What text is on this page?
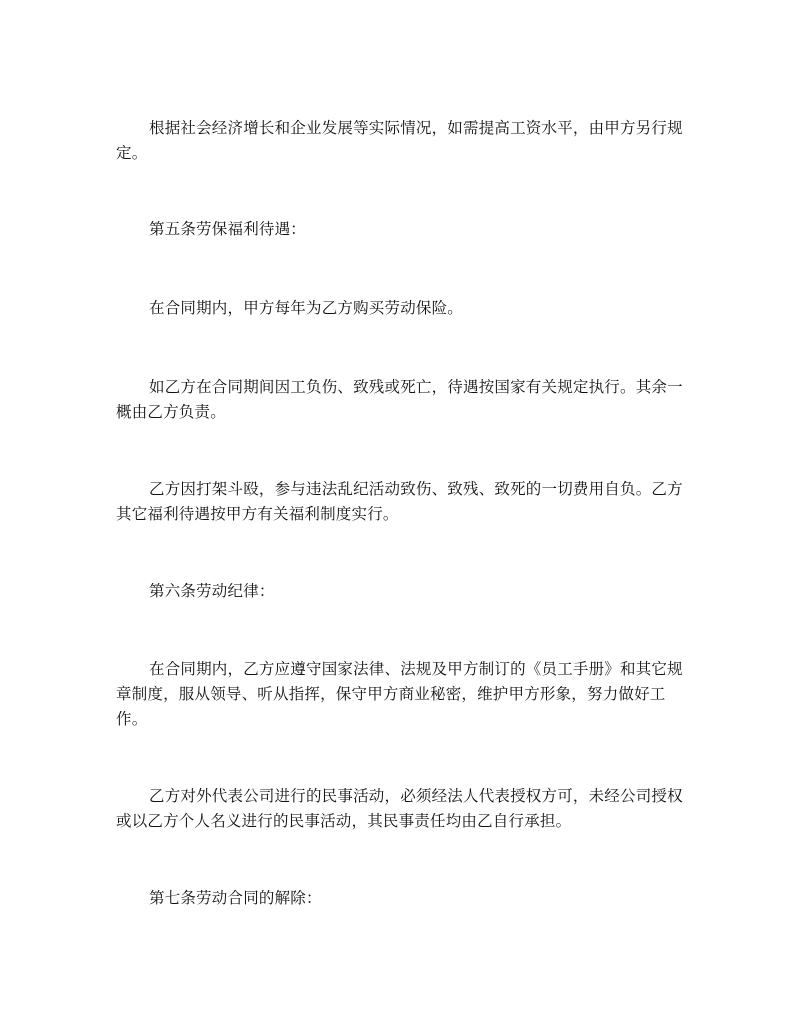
根据社会经济增长和企业发展等实际情况，如需提高工资水平，由甲方另行规定。

第五条劳保福利待遇：

在合同期内，甲方每年为乙方购买劳动保险。

如乙方在合同期间因工负伤、致残或死亡，待遇按国家有关规定执行。其余一概由乙方负责。

乙方因打架斗殴，参与违法乱纪活动致伤、致残、致死的一切费用自负。乙方其它福利待遇按甲方有关福利制度实行。

第六条劳动纪律：

在合同期内，乙方应遵守国家法律、法规及甲方制订的《员工手册》和其它规章制度，服从领导、听从指挥，保守甲方商业秘密，维护甲方形象，努力做好工作。

乙方对外代表公司进行的民事活动，必须经法人代表授权方可，未经公司授权或以乙方个人名义进行的民事活动，其民事责任均由乙自行承担。

第七条劳动合同的解除：
